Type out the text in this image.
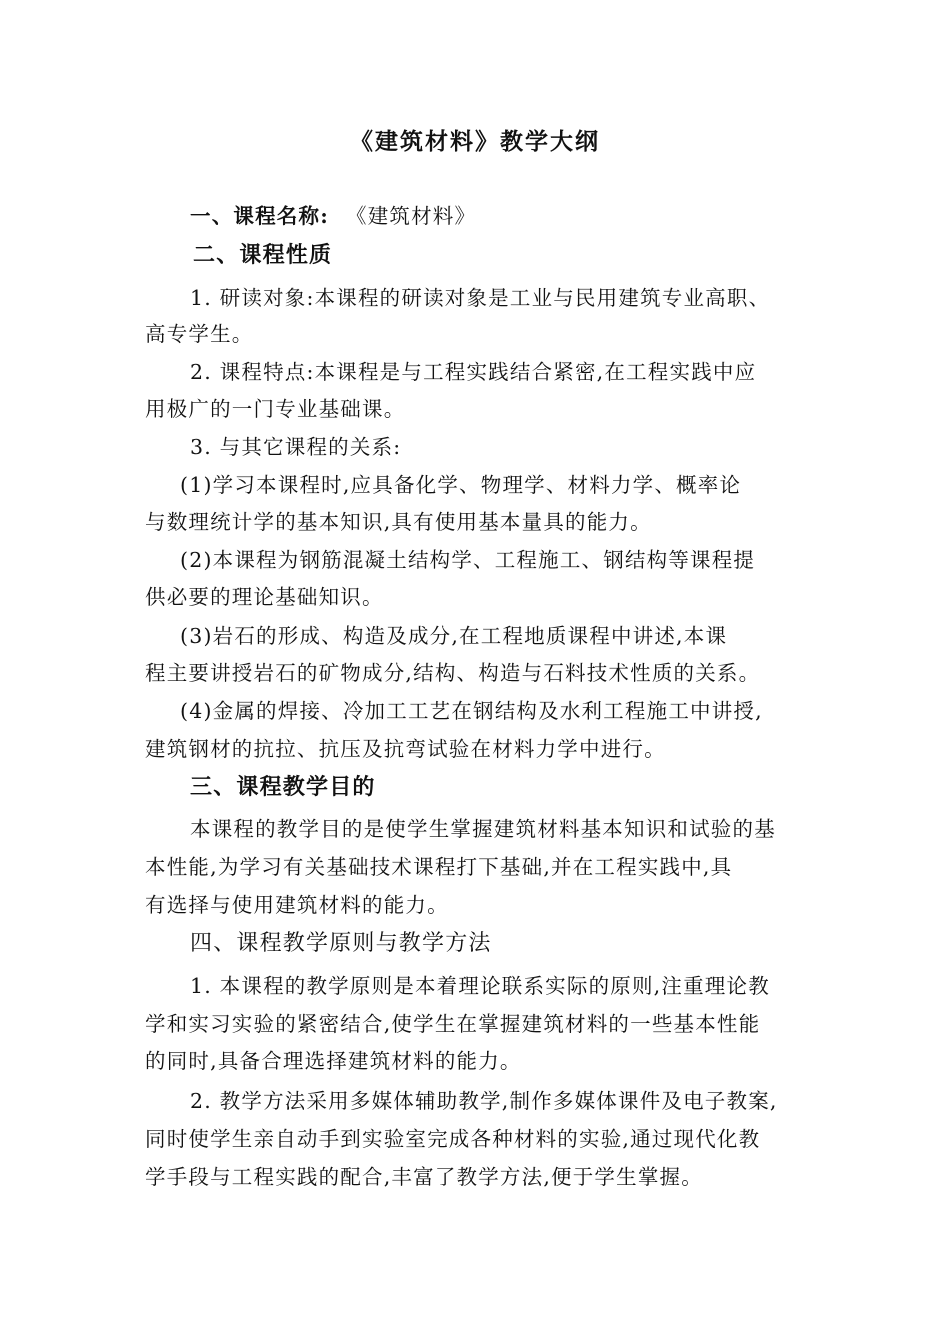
《建筑材料》教学大纲
一、课程名称: 《建筑材料》
二、课程性质
1. 研读对象:本课程的研读对象是工业与民用建筑专业高职、
高专学生。
2. 课程特点:本课程是与工程实践结合紧密,在工程实践中应
用极广的一门专业基础课。
3. 与其它课程的关系:
(1)学习本课程时,应具备化学、物理学、材料力学、概率论
与数理统计学的基本知识,具有使用基本量具的能力。
(2)本课程为钢筋混凝土结构学、工程施工、钢结构等课程提
供必要的理论基础知识。
(3)岩石的形成、构造及成分,在工程地质课程中讲述,本课
程主要讲授岩石的矿物成分,结构、构造与石料技术性质的关系。
(4)金属的焊接、冷加工工艺在钢结构及水利工程施工中讲授,
建筑钢材的抗拉、抗压及抗弯试验在材料力学中进行。
三、课程教学目的
本课程的教学目的是使学生掌握建筑材料基本知识和试验的基
本性能,为学习有关基础技术课程打下基础,并在工程实践中,具
有选择与使用建筑材料的能力。
四、课程教学原则与教学方法
1. 本课程的教学原则是本着理论联系实际的原则,注重理论教
学和实习实验的紧密结合,使学生在掌握建筑材料的一些基本性能
的同时,具备合理选择建筑材料的能力。
2. 教学方法采用多媒体辅助教学,制作多媒体课件及电子教案,
同时使学生亲自动手到实验室完成各种材料的实验,通过现代化教
学手段与工程实践的配合,丰富了教学方法,便于学生掌握。
